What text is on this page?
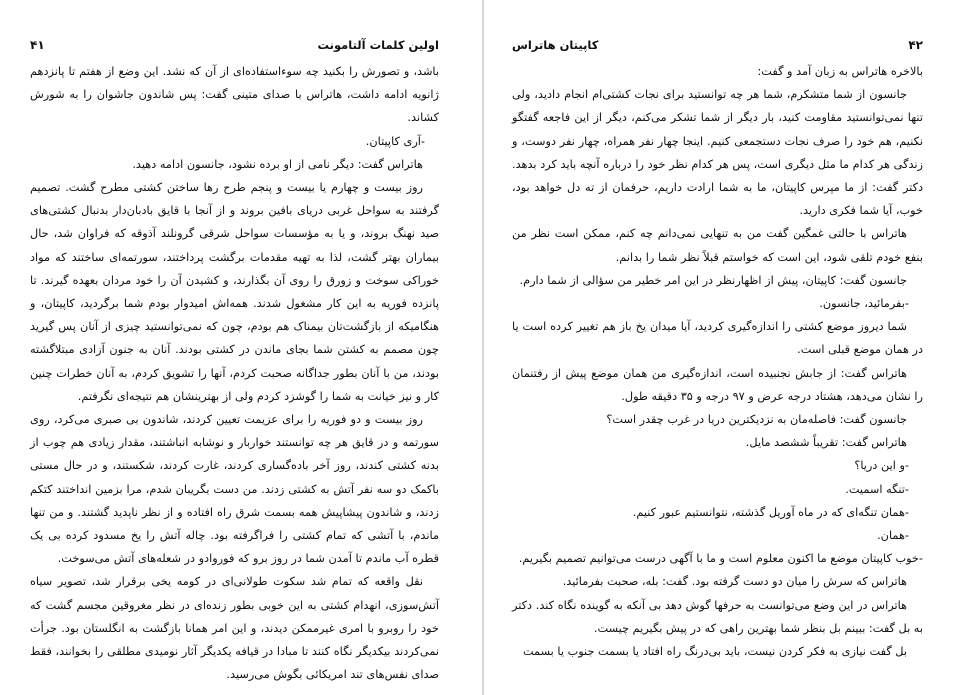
اولین کلمات آلتامونت
۴۱

باشد، و تصورش را بکنید چه سوءاستفاده‌ای از آن که نشد. این وضع از هفتم تا پانزدهم ژانویه ادامه داشت، هاتراس با صدای متینی گفت: پس شاندون جاشوان را به شورش کشاند.

-آری کاپیتان.

هاتراس گفت: دیگر نامی از او برده نشود، جانسون ادامه دهید.

روز بیست و چهارم یا بیست و پنجم طرح رها ساختن کشتی مطرح گشت. تصمیم گرفتند به سواحل غربی دریای بافین بروند و از آنجا با قایق بادبان‌دار بدنبال کشتی‌های صید نهنگ بروند، و یا به مؤسسات سواحل شرقی گرونلند آذوقه که فراوان شد، حال بیماران بهتر گشت، لذا به تهیه مقدمات برگشت پرداختند، سورتمه‌ای ساختند که مواد خوراکی سوخت و زورق را روی آن بگذارند، و کشیدن آن را خود مردان بعهده گیرند. تا پانزده فوریه به این کار مشغول شدند. همه‌اش امیدوار بودم شما برگردید، کاپیتان، و هنگامیکه از بازگشت‌تان بیمناک هم بودم، چون که نمی‌توانستید چیزی از آنان پس گیرید چون مصمم به کشتن شما بجای ماندن در کشتی بودند. آنان به جنون آزادی مبتلاگشته بودند، من با آنان بطور جداگانه صحبت کردم، آنها را تشویق کردم، به آنان خطرات چنین کار و نیز خیانت به شما را گوشزد کردم ولی از بهترینشان هم نتیجه‌ای نگرفتم.

روز بیست و دو فوریه را برای عزیمت تعیین کردند، شاندون بی صبری می‌کرد، روی سورتمه و در قایق هر چه توانستند خواربار و نوشابه انباشتند، مقدار زیادی هم چوب از بدنه کشتی کندند، روز آخر باده‌گساری کردند، غارت کردند، شکستند، و در حال مستی باکمک دو سه نفر آتش به کشتی زدند. من دست بگریبان شدم، مرا بزمین انداختند کتکم زدند، و شاندون پیشاپیش همه بسمت شرق راه افتاده و از نظر ناپدید گشتند. و من تنها ماندم، با آتشی که تمام کشتی را فراگرفته بود. چاله آتش را یخ مسدود کرده بی یک قطره آب ماندم تا آمدن شما در روز برو که فوروادو در شعله‌های آتش می‌سوخت.

نقل واقعه که تمام شد سکوت طولانی‌ای در کومه یخی برقرار شد، تصویر سیاه آتش‌سوزی، انهدام کشتی به این خوبی بطور زنده‌ای در نظر مغروقین مجسم گشت که خود را روبرو با امری غیرممکن دیدند، و این امر همانا بازگشت به انگلستان بود. جرأت نمی‌کردند بیکدیگر نگاه کنند تا مبادا در قیافه یکدیگر آثار نومیدی مطلقی را بخوانند، فقط صدای نفس‌های تند امریکائی بگوش می‌رسید.

۴۲
کاپیتان هاتراس

بالاخره هاتراس به زبان آمد و گفت:

جانسون از شما متشکرم، شما هر چه توانستید برای نجات کشتی‌ام انجام دادید، ولی تنها نمی‌توانستید مقاومت کنید، بار دیگر از شما تشکر می‌کنم، دیگر از این فاجعه گفتگو نکنیم، هم خود را صرف نجات دستجمعی کنیم. اینجا چهار نفر همراه، چهار نفر دوست، و زندگی هر کدام ما مثل دیگری است، پس هر کدام نظر خود را درباره آنچه باید کرد بدهد. دکتر گفت: از ما مپرس کاپیتان، ما به شما ارادت داریم، حرفمان از ته دل خواهد بود، خوب، آیا شما فکری دارید.

هاتراس با حالتی غمگین گفت من به تنهایی نمی‌دانم چه کنم، ممکن است نظر من بنفع خودم تلقی شود، این است که خواستم قبلاً نظر شما را بدانم.

جانسون گفت: کاپیتان، پیش از اظهارنظر در این امر خطیر من سؤالی از شما دارم.

-بفرمائید، جانسون.

شما دیروز موضع کشتی را اندازه‌گیری کردید، آیا میدان یخ باز هم تغییر کرده است یا در همان موضع قبلی است.

هاتراس گفت: از جابش نجنبیده است، اندازه‌گیری من همان موضع پیش از رفتنمان را نشان می‌دهد، هشتاد درجه عرض و ۹۷ درجه و ۳۵ دقیقه طول.

جانسون گفت: فاصله‌مان به نزدیکترین دریا در غرب چقدر است؟

هاتراس گفت: تقریباً ششصد مایل.

-و این دریا؟

-تنگه اسمیت.

-همان تنگه‌ای که در ماه آوریل گذشته، نتوانستیم عبور کنیم.

-همان.

-خوب کاپیتان موضع ما اکنون معلوم است و ما با آگهی درست می‌توانیم تصمیم بگیریم.

هاتراس که سرش را میان دو دست گرفته بود. گفت: بله، صحبت بفرمائید.

هاتراس در این وضع می‌توانست به حرفها گوش دهد بی آنکه به گوینده نگاه کند. دکتر به بل گفت: ببینم بل بنظر شما بهترین راهی که در پیش بگیریم چیست.

بل گفت نیازی به فکر کردن نیست، باید بی‌درنگ راه افتاد یا بسمت جنوب یا بسمت
